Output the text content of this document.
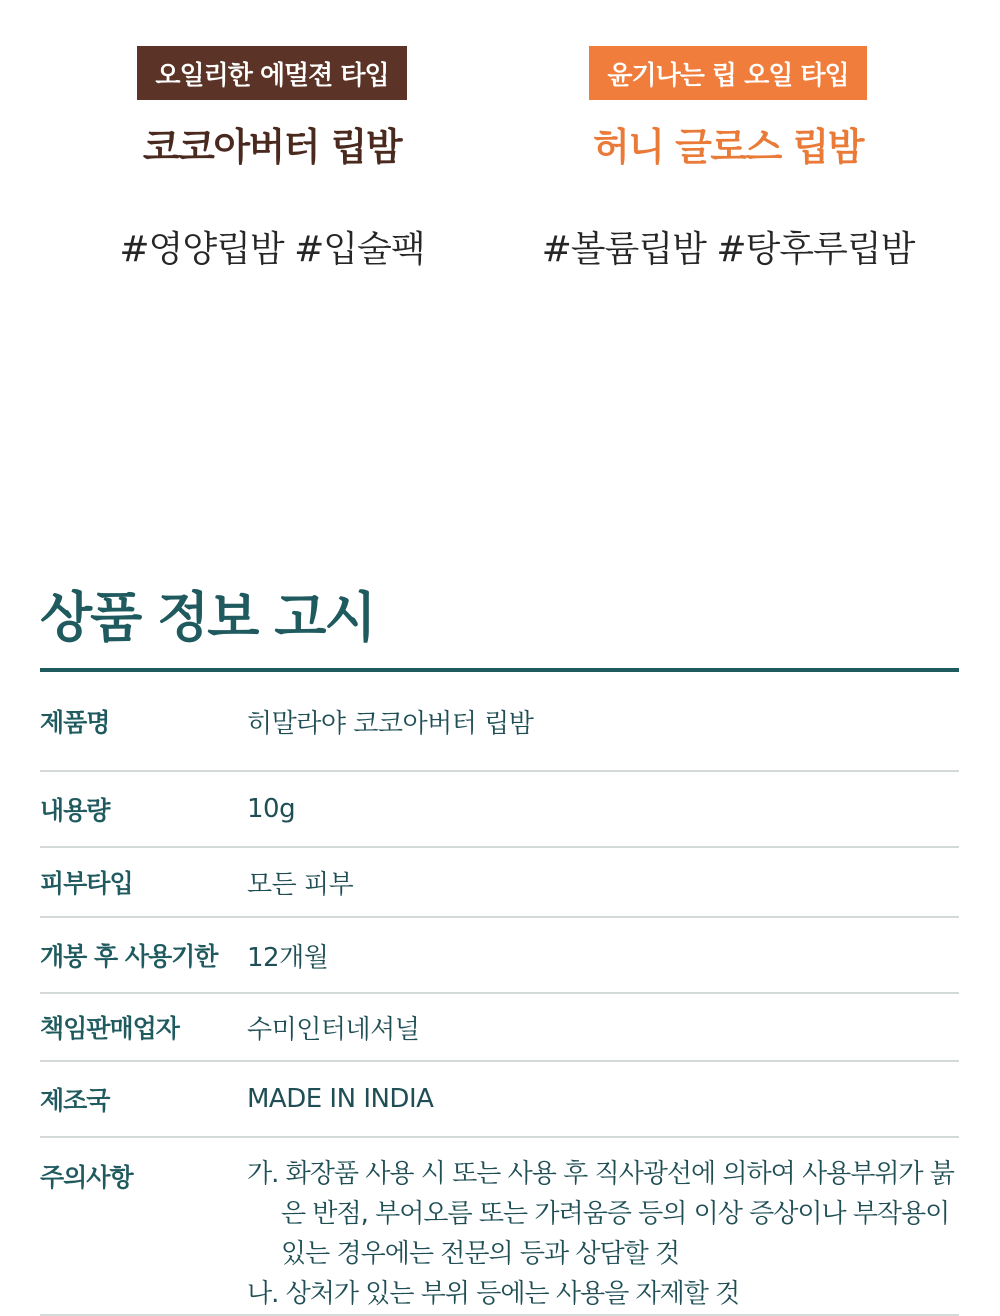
오일리한 에멀젼 타입
코코아버터 립밤
#영양립밤 #입술팩
윤기나는 립 오일 타입
허니 글로스 립밤
#볼륨립밤 #탕후루립밤
상품 정보 고시
제품명	히말라야 코코아버터 립밤
내용량	10g
피부타입	모든 피부
개봉 후 사용기한	12개월
책임판매업자	수미인터네셔널
제조국	MADE IN INDIA
주의사항	가. 화장품 사용 시 또는 사용 후 직사광선에 의하여 사용부위가 붉은 반점, 부어오름 또는 가려움증 등의 이상 증상이나 부작용이 있는 경우에는 전문의 등과 상담할 것
나. 상처가 있는 부위 등에는 사용을 자제할 것
